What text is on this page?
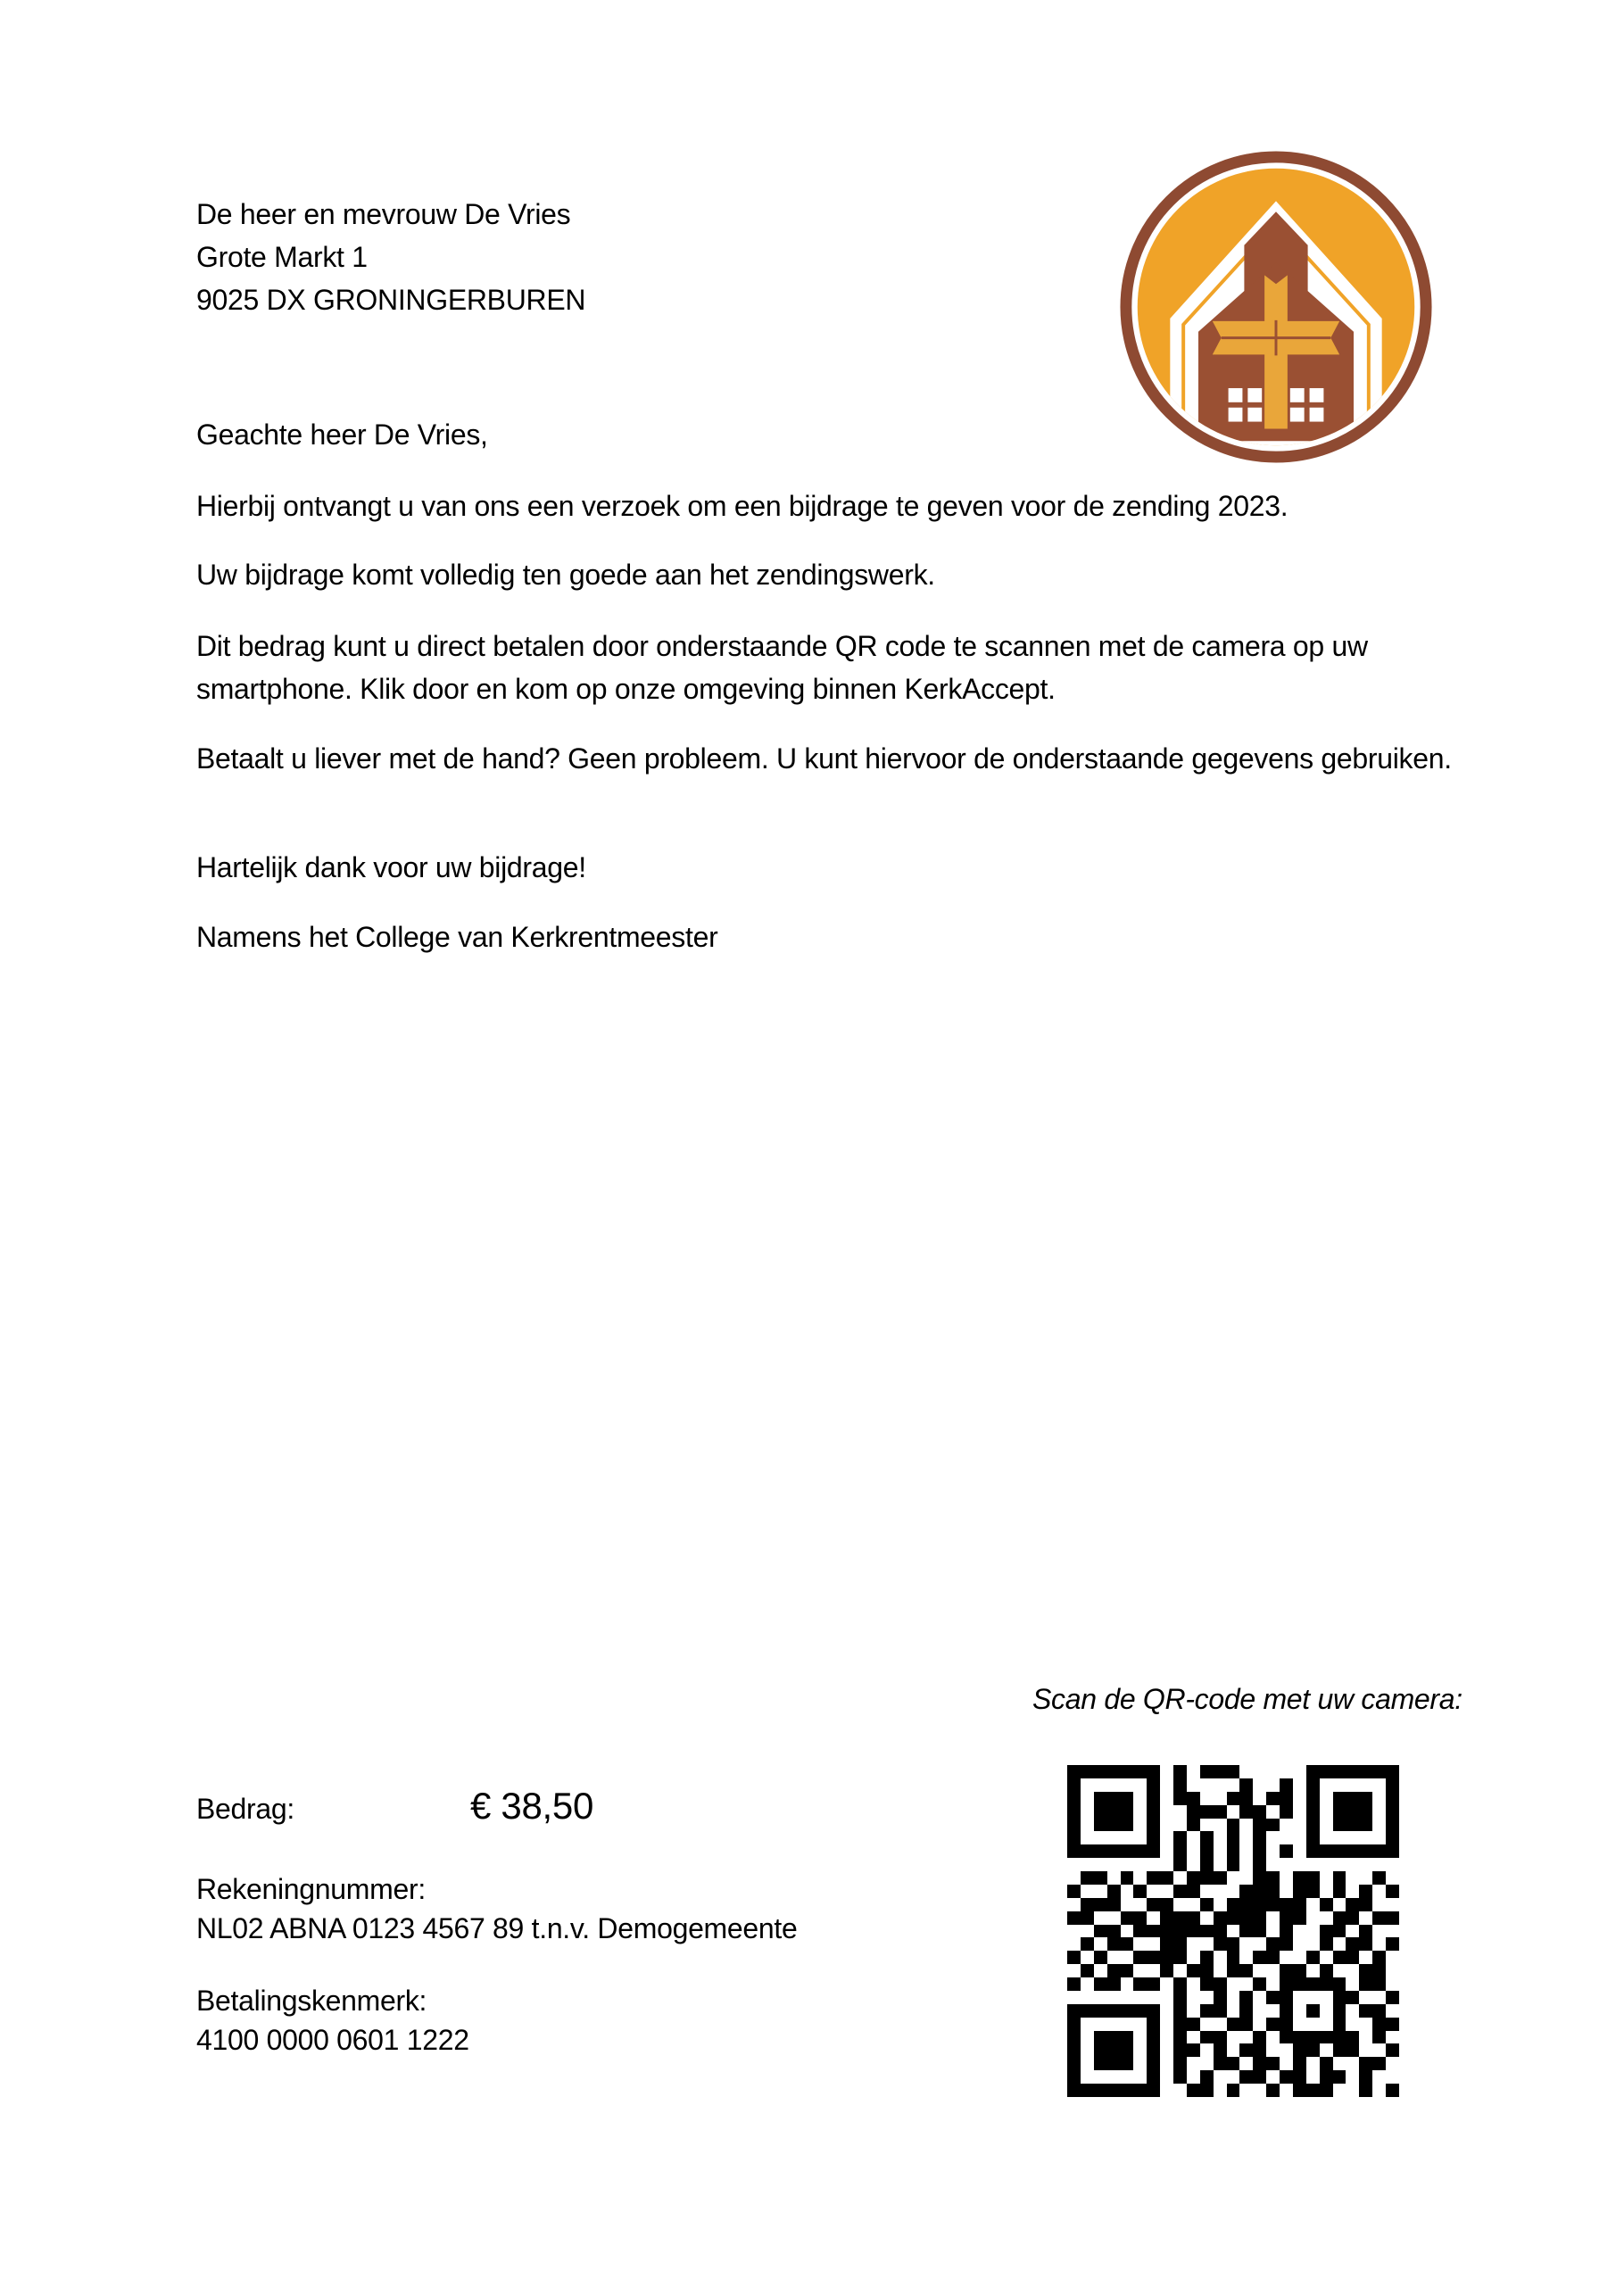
De heer en mevrouw De Vries
Grote Markt 1
9025 DX GRONINGERBUREN
Geachte heer De Vries,
Hierbij ontvangt u van ons een verzoek om een bijdrage te geven voor de zending 2023.
Uw bijdrage komt volledig ten goede aan het zendingswerk.
Dit bedrag kunt u direct betalen door onderstaande QR code te scannen met de camera op uw
smartphone. Klik door en kom op onze omgeving binnen KerkAccept.
Betaalt u liever met de hand? Geen probleem. U kunt hiervoor de onderstaande gegevens gebruiken.
Hartelijk dank voor uw bijdrage!
Namens het College van Kerkrentmeester
Scan de QR-code met uw camera:
Bedrag:	€ 38,50
Rekeningnummer:
NL02 ABNA 0123 4567 89 t.n.v. Demogemeente
Betalingskenmerk:
4100 0000 0601 1222
